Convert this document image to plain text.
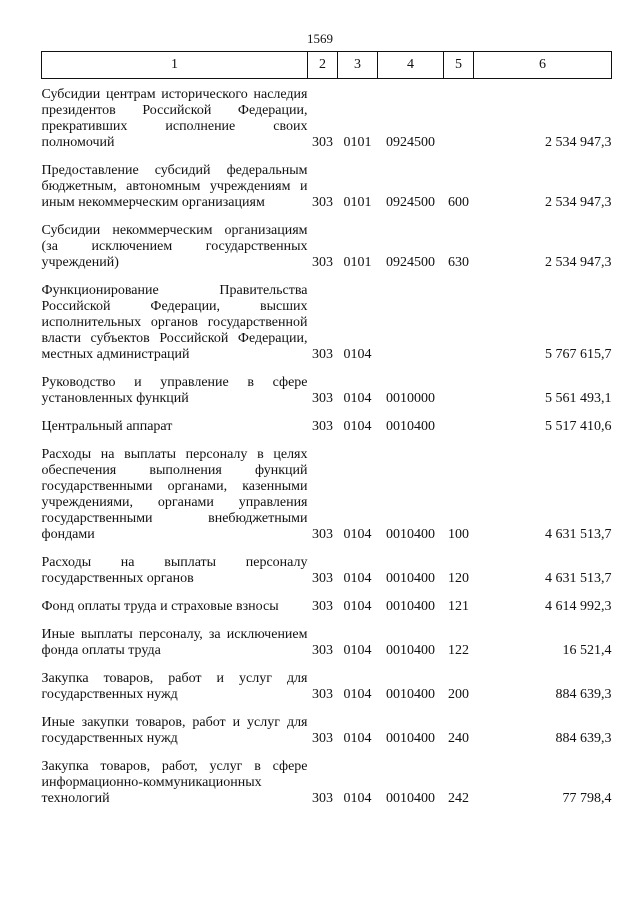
1569
1	2	3	4	5	6
Субсидии центрам исторического наследия президентов Российской Федерации, прекративших исполнение своих полномочий	303	0101	0924500		2 534 947,3
Предоставление субсидий федеральным бюджетным, автономным учреждениям и иным некоммерческим организациям	303	0101	0924500	600	2 534 947,3
Субсидии некоммерческим организациям (за исключением государственных учреждений)	303	0101	0924500	630	2 534 947,3
Функционирование Правительства Российской Федерации, высших исполнительных органов государственной власти субъектов Российской Федерации, местных администраций	303	0104			5 767 615,7
Руководство и управление в сфере установленных функций	303	0104	0010000		5 561 493,1
Центральный аппарат	303	0104	0010400		5 517 410,6
Расходы на выплаты персоналу в целях обеспечения выполнения функций государственными органами, казенными учреждениями, органами управления государственными внебюджетными фондами	303	0104	0010400	100	4 631 513,7
Расходы на выплаты персоналу государственных органов	303	0104	0010400	120	4 631 513,7
Фонд оплаты труда и страховые взносы	303	0104	0010400	121	4 614 992,3
Иные выплаты персоналу, за исключением фонда оплаты труда	303	0104	0010400	122	16 521,4
Закупка товаров, работ и услуг для государственных нужд	303	0104	0010400	200	884 639,3
Иные закупки товаров, работ и услуг для государственных нужд	303	0104	0010400	240	884 639,3
Закупка товаров, работ, услуг в сфере информационно-коммуникационных технологий	303	0104	0010400	242	77 798,4
